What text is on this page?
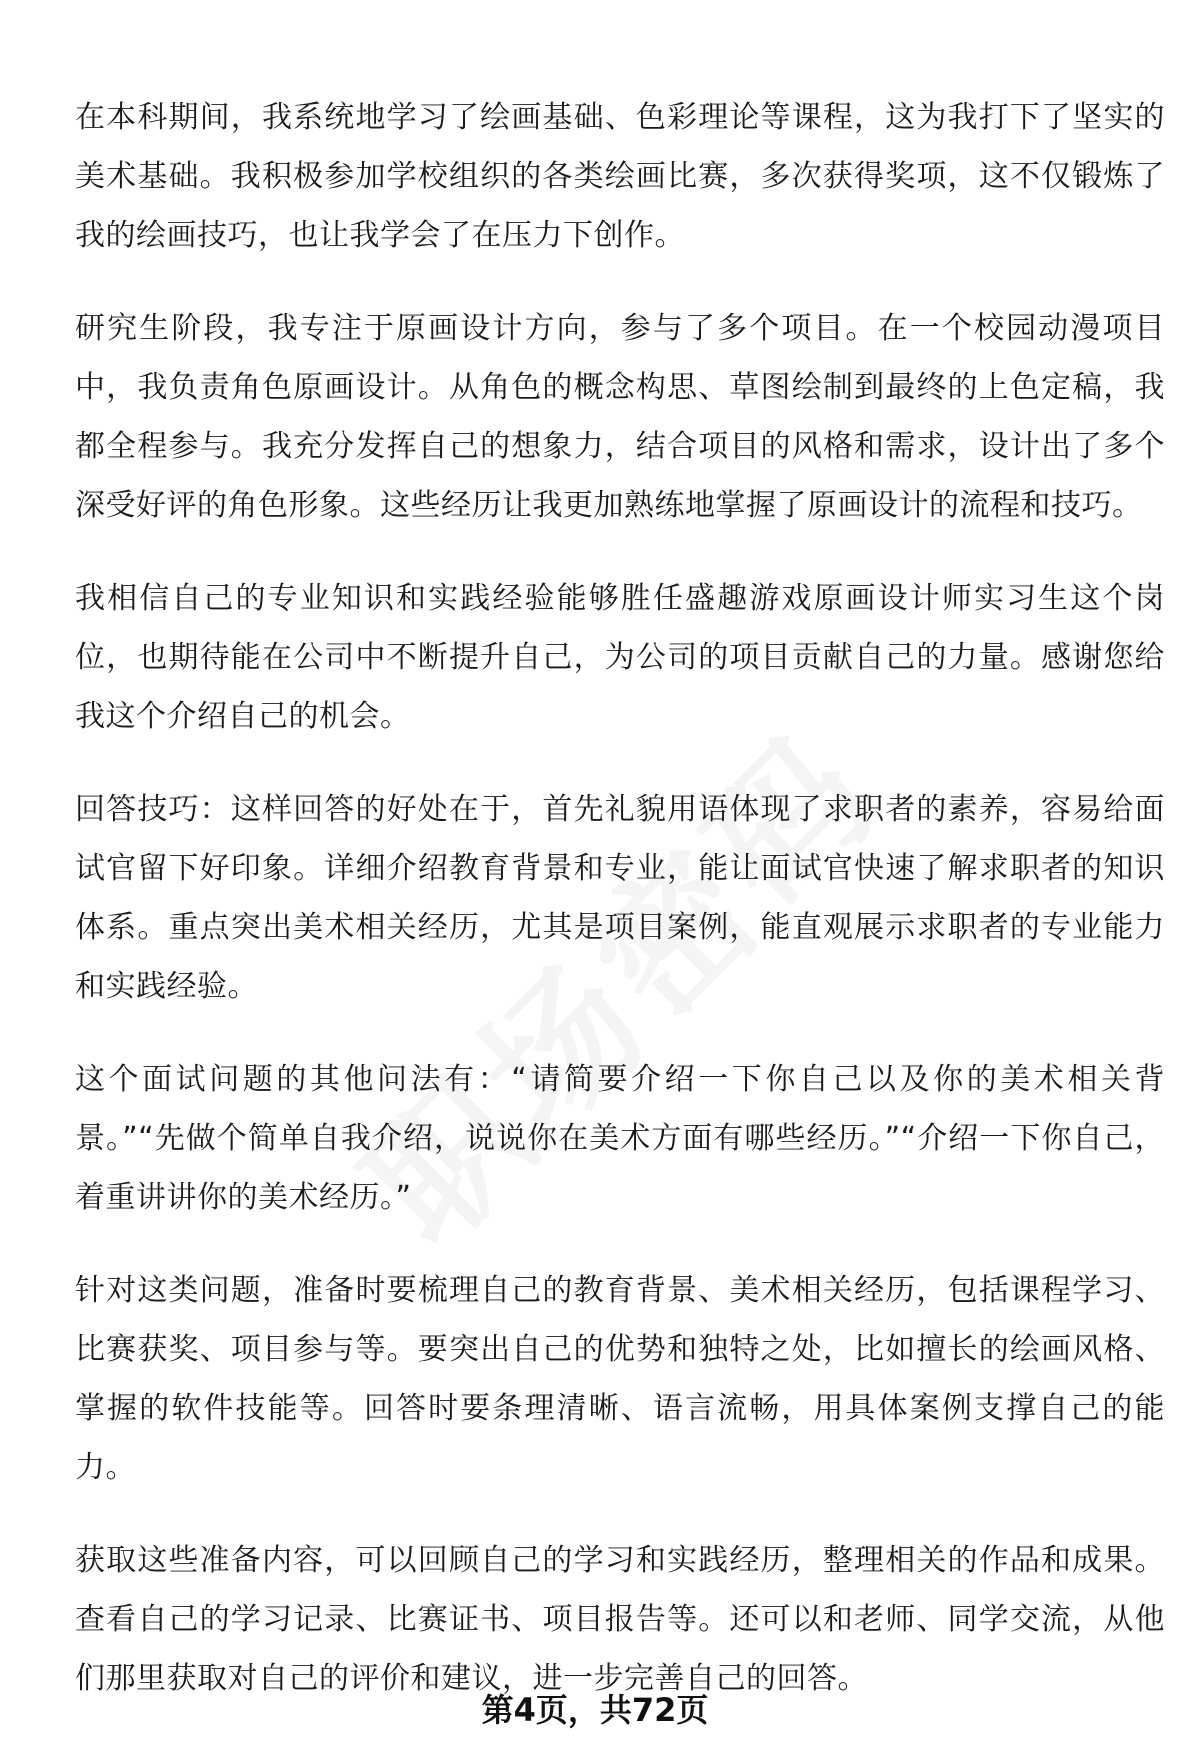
在本科期间，我系统地学习了绘画基础、色彩理论等课程，这为我打下了坚实的美术基础。我积极参加学校组织的各类绘画比赛，多次获得奖项，这不仅锻炼了我的绘画技巧，也让我学会了在压力下创作。

研究生阶段，我专注于原画设计方向，参与了多个项目。在一个校园动漫项目中，我负责角色原画设计。从角色的概念构思、草图绘制到最终的上色定稿，我都全程参与。我充分发挥自己的想象力，结合项目的风格和需求，设计出了多个深受好评的角色形象。这些经历让我更加熟练地掌握了原画设计的流程和技巧。

我相信自己的专业知识和实践经验能够胜任盛趣游戏原画设计师实习生这个岗位，也期待能在公司中不断提升自己，为公司的项目贡献自己的力量。感谢您给我这个介绍自己的机会。

回答技巧：这样回答的好处在于，首先礼貌用语体现了求职者的素养，容易给面试官留下好印象。详细介绍教育背景和专业，能让面试官快速了解求职者的知识体系。重点突出美术相关经历，尤其是项目案例，能直观展示求职者的专业能力和实践经验。

这个面试问题的其他问法有：“请简要介绍一下你自己以及你的美术相关背景。”“先做个简单自我介绍，说说你在美术方面有哪些经历。”“介绍一下你自己，着重讲讲你的美术经历。”

针对这类问题，准备时要梳理自己的教育背景、美术相关经历，包括课程学习、比赛获奖、项目参与等。要突出自己的优势和独特之处，比如擅长的绘画风格、掌握的软件技能等。回答时要条理清晰、语言流畅，用具体案例支撑自己的能力。

获取这些准备内容，可以回顾自己的学习和实践经历，整理相关的作品和成果。查看自己的学习记录、比赛证书、项目报告等。还可以和老师、同学交流，从他们那里获取对自己的评价和建议，进一步完善自己的回答。

第4页，共72页
